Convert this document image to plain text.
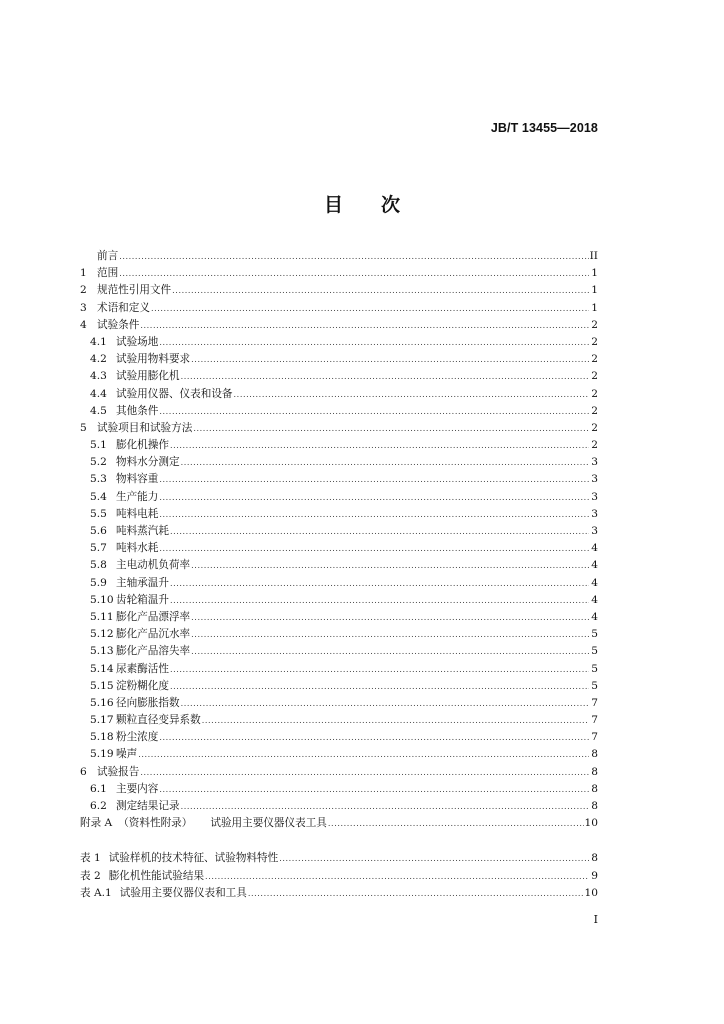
JB/T 13455—2018
目 次
前言 .....	II
1 范围 .....	1
2 规范性引用文件 .....	1
3 术语和定义 .....	1
4 试验条件 .....	2
4.1 试验场地 .....	2
4.2 试验用物料要求 .....	2
4.3 试验用膨化机 .....	2
4.4 试验用仪器、仪表和设备 .....	2
4.5 其他条件 .....	2
5 试验项目和试验方法 .....	2
5.1 膨化机操作 .....	2
5.2 物料水分测定 .....	3
5.3 物料容重 .....	3
5.4 生产能力 .....	3
5.5 吨料电耗 .....	3
5.6 吨料蒸汽耗 .....	3
5.7 吨料水耗 .....	4
5.8 主电动机负荷率 .....	4
5.9 主轴承温升 .....	4
5.10 齿轮箱温升 .....	4
5.11 膨化产品漂浮率 .....	4
5.12 膨化产品沉水率 .....	5
5.13 膨化产品溶失率 .....	5
5.14 尿素酶活性 .....	5
5.15 淀粉糊化度 .....	5
5.16 径向膨胀指数 .....	7
5.17 颗粒直径变异系数 .....	7
5.18 粉尘浓度 .....	7
5.19 噪声 .....	8
6 试验报告 .....	8
6.1 主要内容 .....	8
6.2 测定结果记录 .....	8
附录 A （资料性附录） 试验用主要仪器仪表工具 .....	10
表 1 试验样机的技术特征、试验物料特性 .....	8
表 2 膨化机性能试验结果 .....	9
表 A.1 试验用主要仪器仪表和工具 .....	10
I
